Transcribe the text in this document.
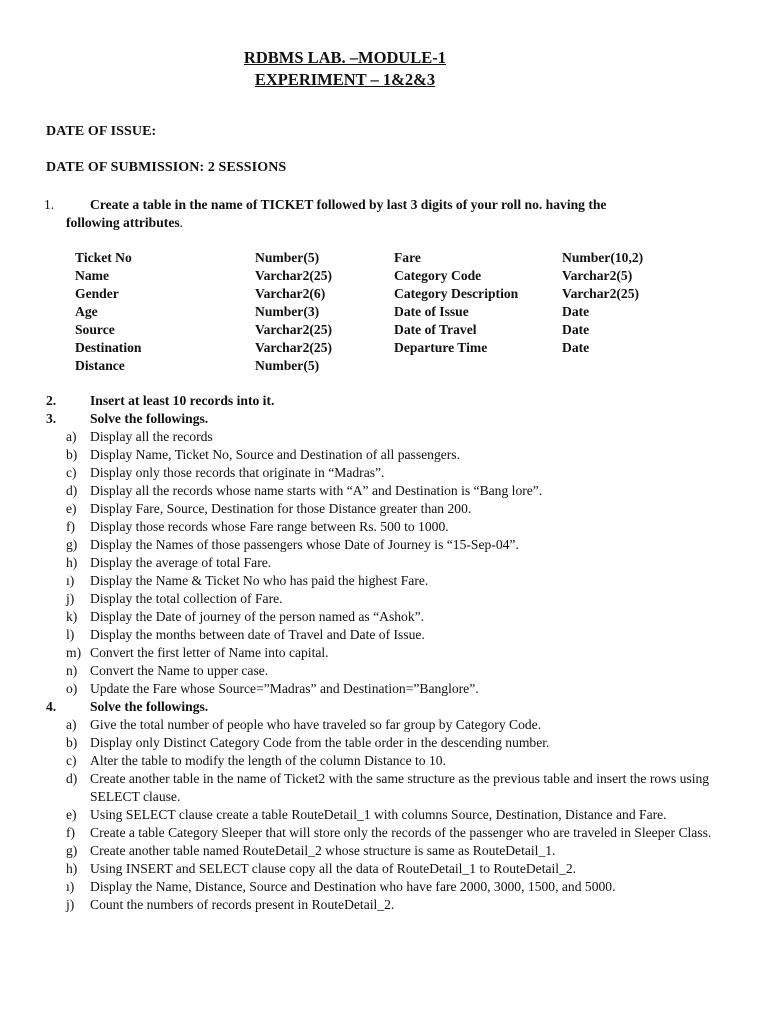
RDBMS LAB. –MODULE-1
EXPERIMENT – 1&2&3
DATE OF ISSUE:
DATE OF SUBMISSION: 2 SESSIONS
1.	Create a table in the name of TICKET followed by last 3 digits of your roll no. having the
following attributes.
Ticket No	Number(5)	Fare	Number(10,2)
Name	Varchar2(25)	Category Code	Varchar2(5)
Gender	Varchar2(6)	Category Description	Varchar2(25)
Age	Number(3)	Date of Issue	Date
Source	Varchar2(25)	Date of Travel	Date
Destination	Varchar2(25)	Departure Time	Date
Distance	Number(5)
2.	Insert at least 10 records into it.
3.	Solve the followings.
a) Display all the records
b) Display Name, Ticket No, Source and Destination of all passengers.
c) Display only those records that originate in “Madras”.
d) Display all the records whose name starts with “A” and Destination is “Bang lore”.
e) Display Fare, Source, Destination for those Distance greater than 200.
f)	Display those records whose Fare range between Rs. 500 to 1000.
g) Display the Names of those passengers whose Date of Journey is “15-Sep-04”.
h) Display the average of total Fare.
ı)	Display the Name & Ticket No who has paid the highest Fare.
j)	Display the total collection of Fare.
k) Display the Date of journey of the person named as “Ashok”.
l)	Display the months between date of Travel and Date of Issue.
m) Convert the first letter of Name into capital.
n) Convert the Name to upper case.
o) Update the Fare whose Source=”Madras” and Destination=”Banglore”.
4.	Solve the followings.
a) Give the total number of people who have traveled so far group by Category Code.
b) Display only Distinct Category Code from the table order in the descending number.
c) Alter the table to modify the length of the column Distance to 10.
d) Create another table in the name of Ticket2 with the same structure as the previous table and insert the rows using SELECT clause.
e) Using SELECT clause create a table RouteDetail_1 with columns Source, Destination, Distance and Fare.
f)	Create a table Category Sleeper that will store only the records of the passenger who are traveled in Sleeper Class.
g) Create another table named RouteDetail_2 whose structure is same as RouteDetail_1.
h) Using INSERT and SELECT clause copy all the data of RouteDetail_1 to RouteDetail_2.
ı)	Display the Name, Distance, Source and Destination who have fare 2000, 3000, 1500, and 5000.
j)	Count the numbers of records present in RouteDetail_2.
